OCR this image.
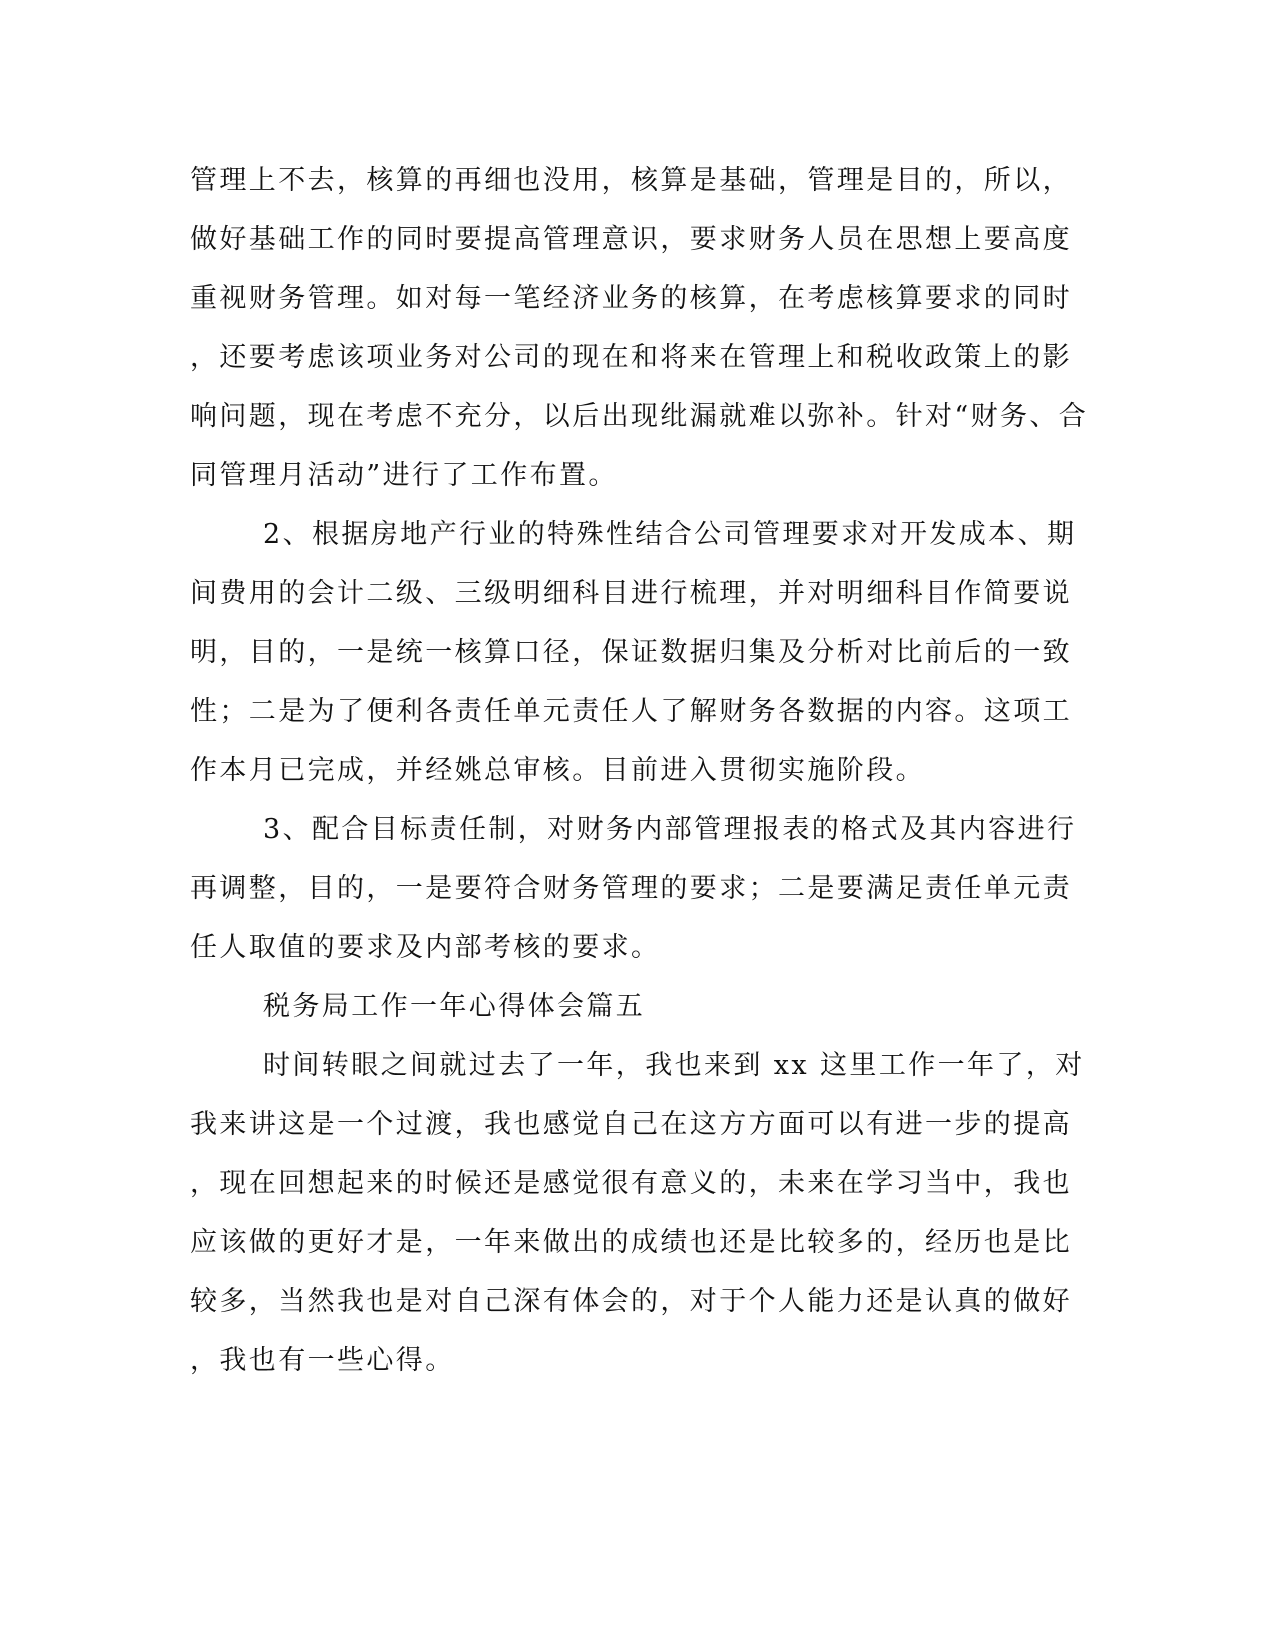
管理上不去，核算的再细也没用，核算是基础，管理是目的，所以，
做好基础工作的同时要提高管理意识，要求财务人员在思想上要高度
重视财务管理。如对每一笔经济业务的核算，在考虑核算要求的同时
，还要考虑该项业务对公司的现在和将来在管理上和税收政策上的影
响问题，现在考虑不充分，以后出现纰漏就难以弥补。针对“财务、合
同管理月活动”进行了工作布置。
2、根据房地产行业的特殊性结合公司管理要求对开发成本、期
间费用的会计二级、三级明细科目进行梳理，并对明细科目作简要说
明，目的，一是统一核算口径，保证数据归集及分析对比前后的一致
性；二是为了便利各责任单元责任人了解财务各数据的内容。这项工
作本月已完成，并经姚总审核。目前进入贯彻实施阶段。
3、配合目标责任制，对财务内部管理报表的格式及其内容进行
再调整，目的，一是要符合财务管理的要求；二是要满足责任单元责
任人取值的要求及内部考核的要求。
税务局工作一年心得体会篇五
时间转眼之间就过去了一年，我也来到 xx 这里工作一年了，对
我来讲这是一个过渡，我也感觉自己在这方方面可以有进一步的提高
，现在回想起来的时候还是感觉很有意义的，未来在学习当中，我也
应该做的更好才是，一年来做出的成绩也还是比较多的，经历也是比
较多，当然我也是对自己深有体会的，对于个人能力还是认真的做好
，我也有一些心得。
